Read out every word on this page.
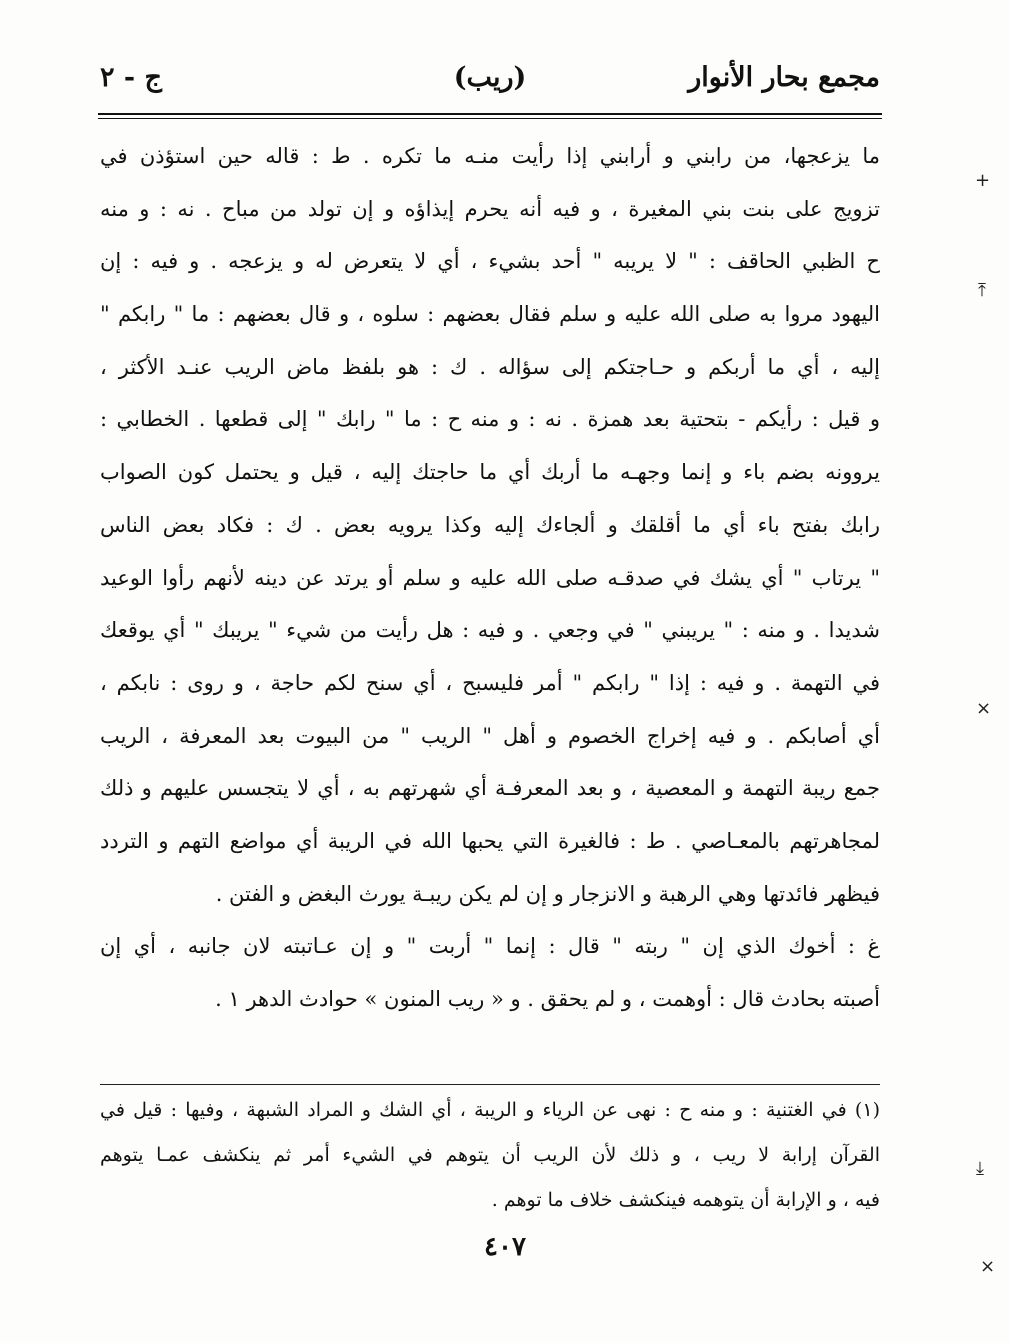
مجمع بحار الأنوار
(ريب)
ج - ٢
ما يزعجها، من رابني و أرابني إذا رأيت منـه ما تكره . ط : قاله حين استؤذن في
تزويج على بنت بني المغيرة ، و فيه أنه يحرم إيذاؤه و إن تولد من مباح . نه : و منه
ح الظبي الحاقف : " لا يريبه " أحد بشيء ، أي لا يتعرض له و يزعجه . و فيه : إن
اليهود مروا به صلى الله عليه و سلم فقال بعضهم : سلوه ، و قال بعضهم : ما " رابكم "
إليه ، أي ما أربكم و حـاجتكم إلى سؤاله . ك : هو بلفظ ماض الريب عنـد الأكثر ،
و قيل : رأيكم - بتحتية بعد همزة . نه : و منه ح : ما " رابك " إلى قطعها . الخطابي :
يروونه بضم باء و إنما وجهـه ما أربك أي ما حاجتك إليه ، قيل و يحتمل كون الصواب
رابك بفتح باء أي ما أقلقك و ألجاءك إليه وكذا يرويه بعض . ك : فكاد بعض الناس
" يرتاب " أي يشك في صدقـه صلى الله عليه و سلم أو يرتد عن دينه لأنهم رأوا الوعيد
شديدا . و منه : " يريبني " في وجعي . و فيه : هل رأيت من شيء " يريبك " أي يوقعك
في التهمة . و فيه : إذا " رابكم " أمر فليسبح ، أي سنح لكم حاجة ، و روى : نابكم ،
أي أصابكم . و فيه إخراج الخصوم و أهل " الريب " من البيوت بعد المعرفة ، الريب
جمع ريبة التهمة و المعصية ، و بعد المعرفـة أي شهرتهم به ، أي لا يتجسس عليهم و ذلك
لمجاهرتهم بالمعـاصي . ط : فالغيرة التي يحبها الله في الريبة أي مواضع التهم و التردد
فيظهر فائدتها وهي الرهبة و الانزجار و إن لم يكن ريبـة يورث البغض و الفتن .
غ : أخوك الذي إن " ربته " قال : إنما " أربت " و إن عـاتبته لان جانبه ، أي إن
أصبته بحادث قال : أوهمت ، و لم يحقق . و « ريب المنون » حوادث الدهر ١ .
(١) في الغتنية : و منه ح : نهى عن الرياء و الريبة ، أي الشك و المراد الشبهة ، وفيها : قيل في
القرآن إرابة لا ريب ، و ذلك لأن الريب أن يتوهم في الشيء أمر ثم ينكشف عمـا يتوهم
فيه ، و الإرابة أن يتوهمه فينكشف خلاف ما توهم .
٤٠٧
+
⤒
×
⤓
×
